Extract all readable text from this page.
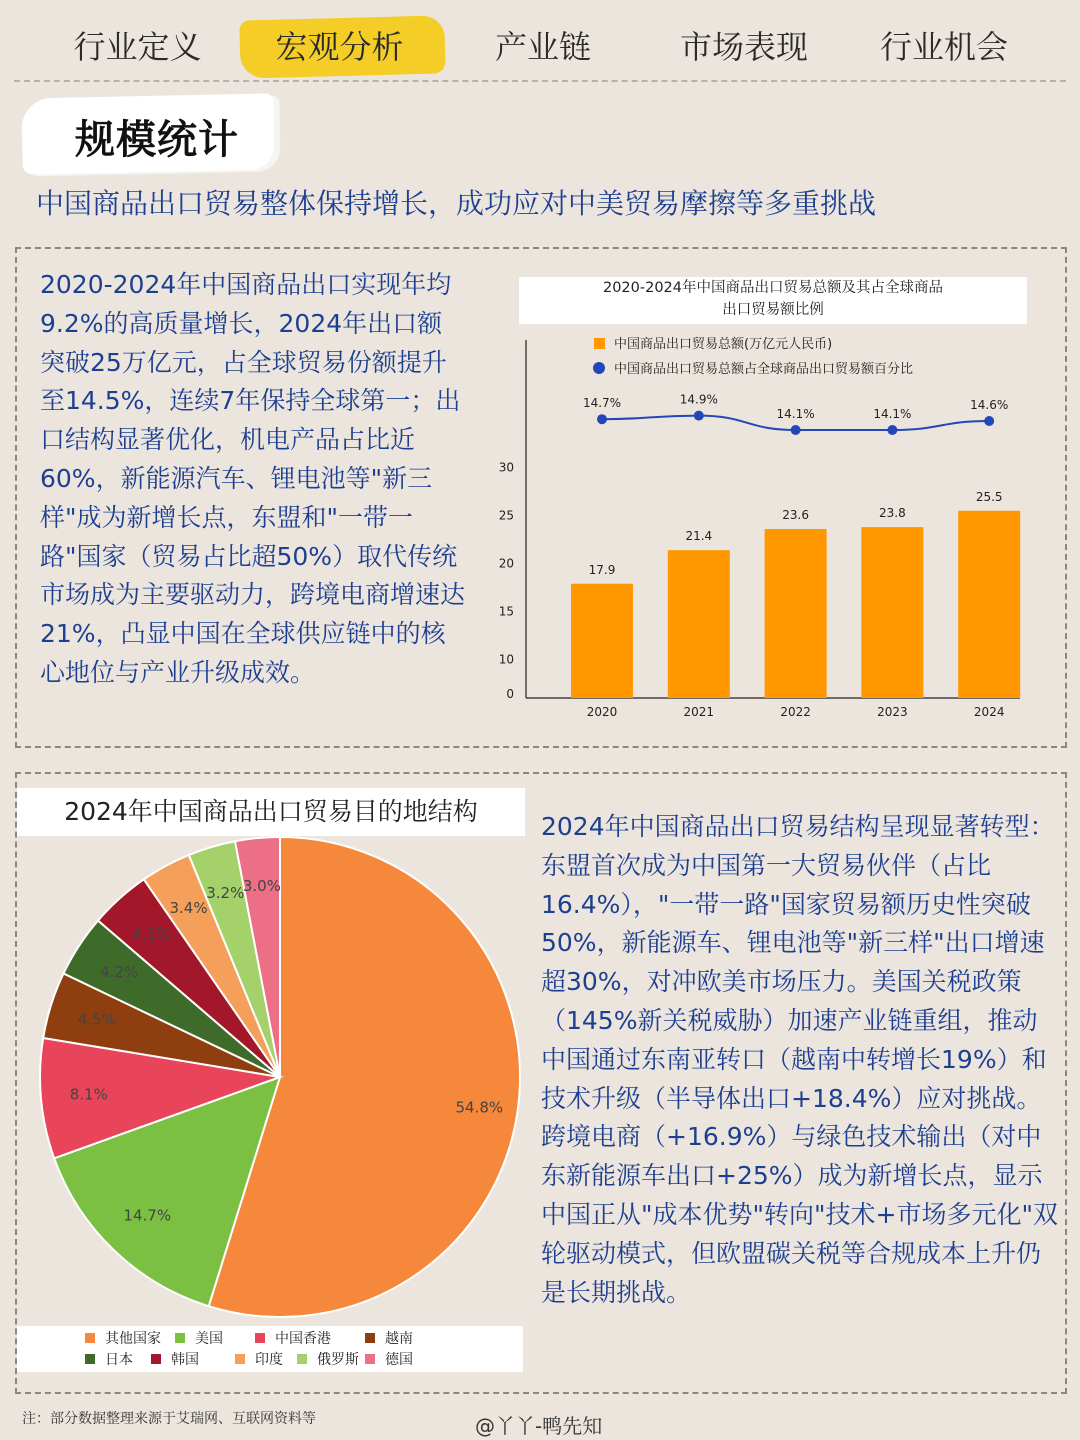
行业定义 宏观分析	产业链	市场表现 行业机会
规模统计
中国商品出口贸易整体保持增长，成功应对中美贸易摩擦等多重挑战
2020-2024年中国商品出口实现年均9.2%的高质量增长，2024年出口额突破25万亿元，占全球贸易份额提升至14.5%，连续7年保持全球第一；出口结构显著优化，机电产品占比近60%，新能源汽车、锂电池等"新三样"成为新增长点，东盟和"一带一路"国家（贸易占比超50%）取代传统市场成为主要驱动力，跨境电商增速达21%，凸显中国在全球供应链中的核心地位与产业升级成效。
2020-2024年中国商品出口贸易总额及其占全球商品
出口贸易额比例
0
10
15
20
25
30
17.9
2020
21.4
2021
23.6
2022
23.8
2023
25.5
2024
14.7%	14.9%
14.1%	14.1%
14.6%
中国商品出口贸易总额(万亿元人民币)
中国商品出口贸易总额占全球商品出口贸易额百分比
2024年中国商品出口贸易目的地结构
54.8%
14.7%
8.1%
4.5%
4.2%
4.1%
3.4%
3.2%
3.0%
其他国家 美国	中国香港	越南
日本	韩国	印度 俄罗斯 德国
2024年中国商品出口贸易结构呈现显著转型：东盟首次成为中国第一大贸易伙伴（占比16.4%），"一带一路"国家贸易额历史性突破50%，新能源车、锂电池等"新三样"出口增速超30%，对冲欧美市场压力。美国关税政策（145%新关税威胁）加速产业链重组，推动中国通过东南亚转口（越南中转增长19%）和技术升级（半导体出口+18.4%）应对挑战。跨境电商（+16.9%）与绿色技术输出（对中东新能源车出口+25%）成为新增长点，显示中国正从"成本优势"转向"技术+市场多元化"双轮驱动模式，但欧盟碳关税等合规成本上升仍是长期挑战。
注：部分数据整理来源于艾瑞网、互联网资料等	@丫丫-鸭先知
